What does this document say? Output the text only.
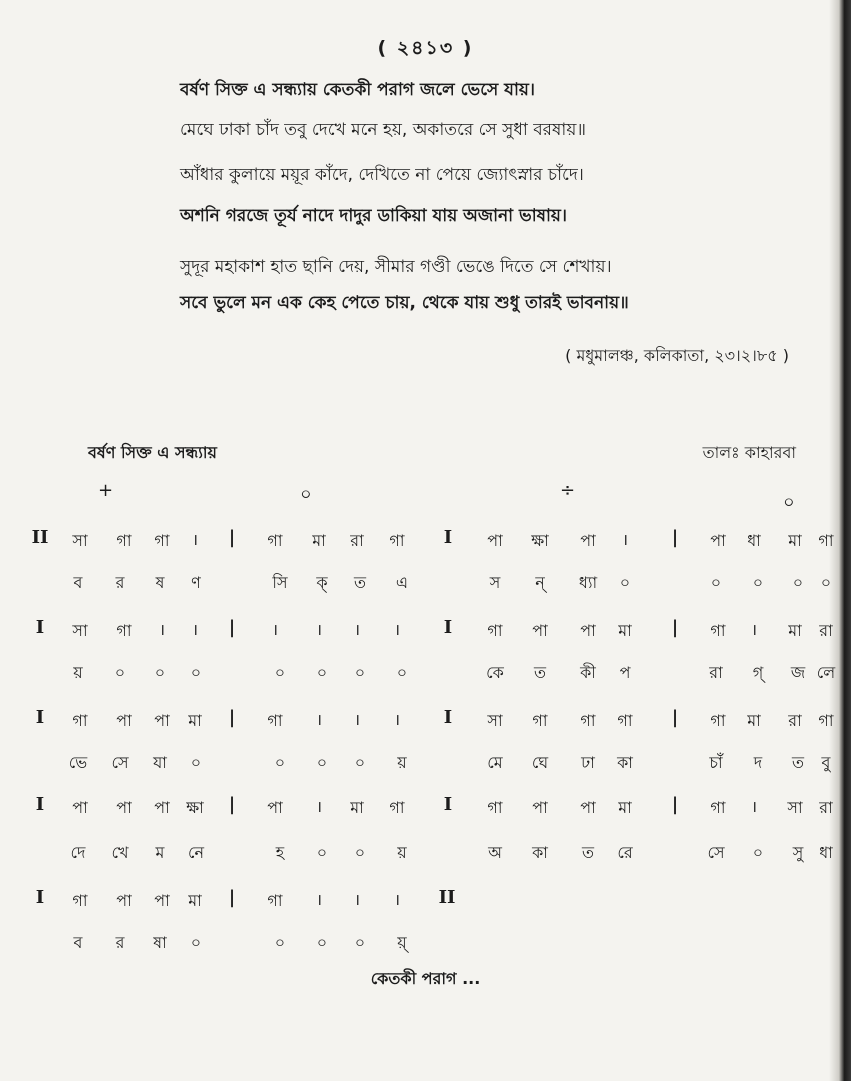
( ২৪১৩ )
বর্ষণ সিক্ত এ সন্ধ্যায় কেতকী পরাগ জলে ভেসে যায়।
মেঘে ঢাকা চাঁদ তবু দেখে মনে হয়, অকাতরে সে সুধা বরষায়॥
আঁধার কুলায়ে ময়ূর কাঁদে, দেখিতে না পেয়ে জ্যোৎস্নার চাঁদে।
অশনি গরজে তূর্য নাদে দাদুর ডাকিয়া যায় অজানা ভাষায়।
সুদূর মহাকাশ হাত ছানি দেয়, সীমার গণ্ডী ভেঙে দিতে সে শেখায়।
সবে ভুলে মন এক কেহ পেতে চায়, থেকে যায় শুধু তারই ভাবনায়॥
( মধুমালঞ্চ, কলিকাতা, ২৩।২।৮৫ )
বর্ষণ সিক্ত এ সন্ধ্যায়	তালঃ কাহারবা
+	০	÷
০
II সা গা গা । | গা মা রা গা I পা ক্ষা পা । | পা ধা মা গা
ব র ষ ণ	সি ক্ ত এ	স ন্ ধ্যা ০	০ ০ ০ ০
I সা গা । । | । । । । I গা পা পা মা | গা । মা রা
য় ০ ০ ০	০ ০ ০ ০	কে ত কী প	রা গ্ জ লে
I গা পা পা মা | গা । । । I সা গা গা গা | গা মা রা গা
ভে সে যা ০	০ ০ ০ য়	মে ঘে ঢা কা	চাঁ দ ত বু
I পা পা পা ক্ষা | পা । মা গা I গা পা পা মা | গা । সা রা
দে খে ম নে	হ ০ ০ য়	অ কা ত রে	সে ০ সু ধা
I গা পা পা মা | গা । । । II
ব র ষা ০	০ ০ ০ য়্
কেতকী পরাগ ...
